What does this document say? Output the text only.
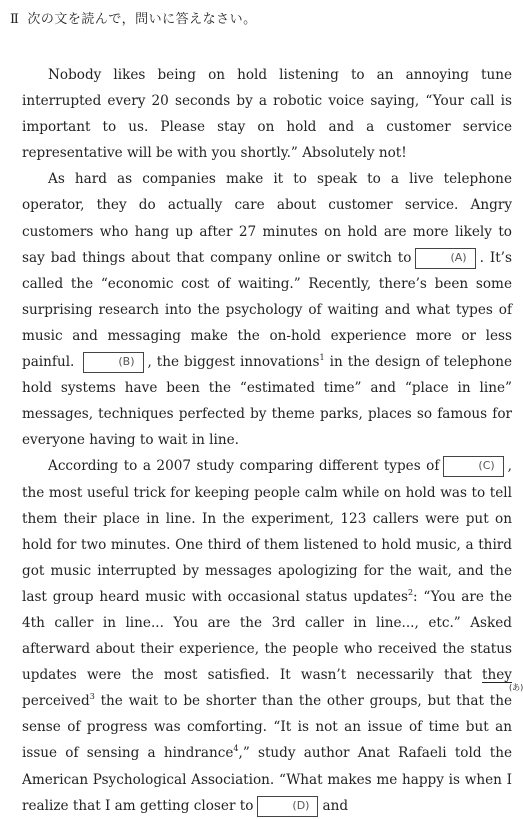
Ⅱ 次の文を読んで，問いに答えなさい。

Nobody likes being on hold listening to an annoying tune interrupted every 20 seconds by a robotic voice saying, “Your call is important to us. Please stay on hold and a customer service representative will be with you shortly.” Absolutely not!

As hard as companies make it to speak to a live telephone operator, they do actually care about customer service. Angry customers who hang up after 27 minutes on hold are more likely to say bad things about that company online or switch to	(A) . It’s called the “economic cost of waiting.” Recently, there’s been some surprising research into the psychology of waiting and what types of music and messaging make the on-hold experience more or less painful.	(B) , the biggest innovations$^1$ in the design of telephone hold systems have been the “estimated time” and “place in line” messages, techniques perfected by theme parks, places so famous for everyone having to wait in line.

According to a 2007 study comparing different types of	(C) , the most useful trick for keeping people calm while on hold was to tell them their place in line. In the experiment, 123 callers were put on hold for two minutes. One third of them listened to hold music, a third got music interrupted by messages apologizing for the wait, and the last group heard music with occasional status updates$^2$: “You are the 4th caller in line... You are the 3rd caller in line..., etc.” Asked afterward about their experience, the people who received the status updates were the most satisfied. It wasn’t necessarily that they
(あ)
perceived$^3$ the wait to be shorter than the other groups, but that the sense of progress was comforting. “It is not an issue of time but an issue of sensing a hindrance$^4$,” study author Anat Rafaeli told the American Psychological Association. “What makes me happy is when I realize that I am getting closer to	(D) and
